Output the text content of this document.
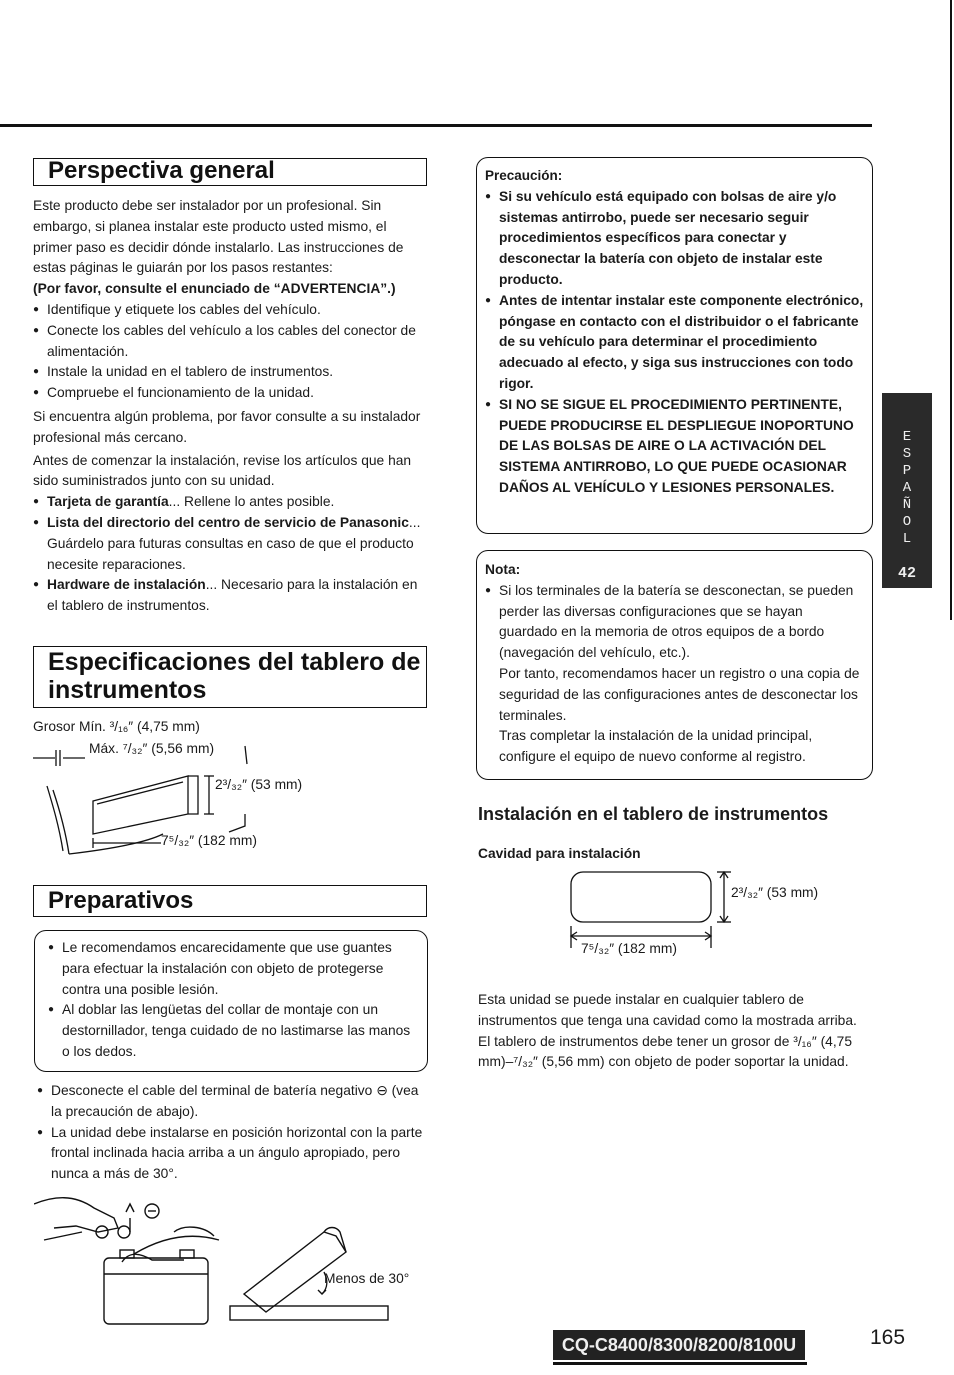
Perspectiva general

Este producto debe ser instalador por un profesional. Sin embargo, si planea instalar este producto usted mismo, el primer paso es decidir dónde instalarlo. Las instrucciones de estas páginas le guiarán por los pasos restantes:

(Por favor, consulte el enunciado de “ADVERTENCIA”.)

● Identifique y etiquete los cables del vehículo.
● Conecte los cables del vehículo a los cables del conector de alimentación.
● Instale la unidad en el tablero de instrumentos.
● Compruebe el funcionamiento de la unidad.

Si encuentra algún problema, por favor consulte a su instalador profesional más cercano.

Antes de comenzar la instalación, revise los artículos que han sido suministrados junto con su unidad.

● Tarjeta de garantía... Rellene lo antes posible.
● Lista del directorio del centro de servicio de Panasonic... Guárdelo para futuras consultas en caso de que el producto necesite reparaciones.
● Hardware de instalación... Necesario para la instalación en el tablero de instrumentos.
Especificaciones del tablero de
instrumentos
Grosor Mín. ³/₁₆″ (4,75 mm)
Máx. ⁷/₃₂″ (5,56 mm)
2³/₃₂″ (53 mm)
7⁵/₃₂″ (182 mm)
Preparativos
● Le recomendamos encarecidamente que use guantes para efectuar la instalación con objeto de protegerse contra una posible lesión.
● Al doblar las lengüetas del collar de montaje con un destornillador, tenga cuidado de no lastimarse las manos o los dedos.
● Desconecte el cable del terminal de batería negativo ⊖ (vea la precaución de abajo).
● La unidad debe instalarse en posición horizontal con la parte frontal inclinada hacia arriba a un ángulo apropiado, pero nunca a más de 30°.
Menos de 30°

Precaución:

● Si su vehículo está equipado con bolsas de aire y/o sistemas antirrobo, puede ser necesario seguir procedimientos específicos para conectar y desconectar la batería con objeto de instalar este producto.
● Antes de intentar instalar este componente electrónico, póngase en contacto con el distribuidor o el fabricante de su vehículo para determinar el procedimiento adecuado al efecto, y siga sus instrucciones con todo rigor.
● SI NO SE SIGUE EL PROCEDIMIENTO PERTINENTE, PUEDE PRODUCIRSE EL DESPLIEGUE INOPORTUNO DE LAS BOLSAS DE AIRE O LA ACTIVACIÓN DEL SISTEMA ANTIRROBO, LO QUE PUEDE OCASIONAR DAÑOS AL VEHÍCULO Y LESIONES PERSONALES.

Nota:

● Si los terminales de la batería se desconectan, se pueden perder las diversas configuraciones que se hayan guardado en la memoria de otros equipos de a bordo (navegación del vehículo, etc.).
Por tanto, recomendamos hacer un registro o una copia de seguridad de las configuraciones antes de desconectar los terminales.
Tras completar la instalación de la unidad principal, configure el equipo de nuevo conforme al registro.

Instalación en el tablero de instrumentos

Cavidad para instalación

2³/₃₂″ (53 mm)
7⁵/₃₂″ (182 mm)

Esta unidad se puede instalar en cualquier tablero de instrumentos que tenga una cavidad como la mostrada arriba. El tablero de instrumentos debe tener un grosor de ³/₁₆″ (4,75 mm)–⁷/₃₂″ (5,56 mm) con objeto de poder soportar la unidad.

E
S
P
A
Ñ
O
L
42
CQ-C8400/8300/8200/8100U	165
